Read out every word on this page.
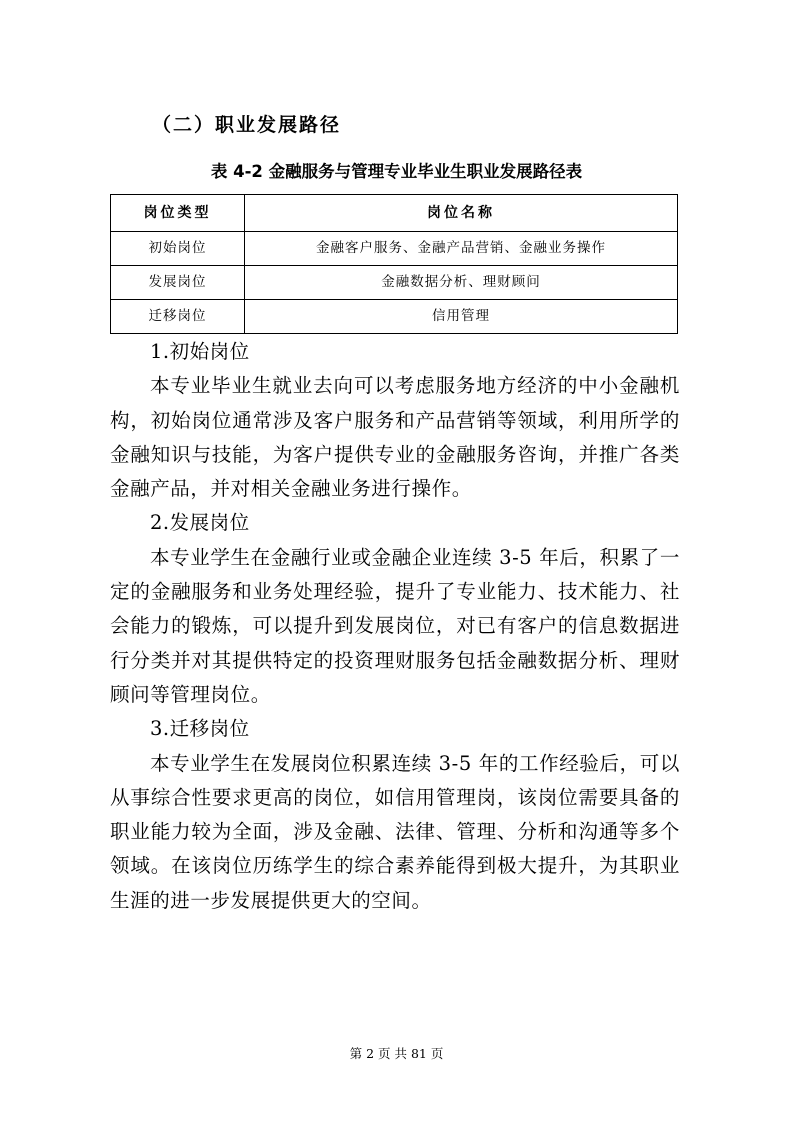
（二）职业发展路径
表 4-2 金融服务与管理专业毕业生职业发展路径表
岗位类型	岗位名称
初始岗位	金融客户服务、金融产品营销、金融业务操作
发展岗位	金融数据分析、理财顾问
迁移岗位	信用管理

1.初始岗位

本专业毕业生就业去向可以考虑服务地方经济的中小金融机构，初始岗位通常涉及客户服务和产品营销等领域，利用所学的金融知识与技能，为客户提供专业的金融服务咨询，并推广各类金融产品，并对相关金融业务进行操作。

2.发展岗位

本专业学生在金融行业或金融企业连续 3-5 年后，积累了一定的金融服务和业务处理经验，提升了专业能力、技术能力、社会能力的锻炼，可以提升到发展岗位，对已有客户的信息数据进行分类并对其提供特定的投资理财服务包括金融数据分析、理财顾问等管理岗位。

3.迁移岗位

本专业学生在发展岗位积累连续 3-5 年的工作经验后，可以从事综合性要求更高的岗位，如信用管理岗，该岗位需要具备的职业能力较为全面，涉及金融、法律、管理、分析和沟通等多个领域。在该岗位历练学生的综合素养能得到极大提升，为其职业生涯的进一步发展提供更大的空间。

第 2 页 共 81 页
